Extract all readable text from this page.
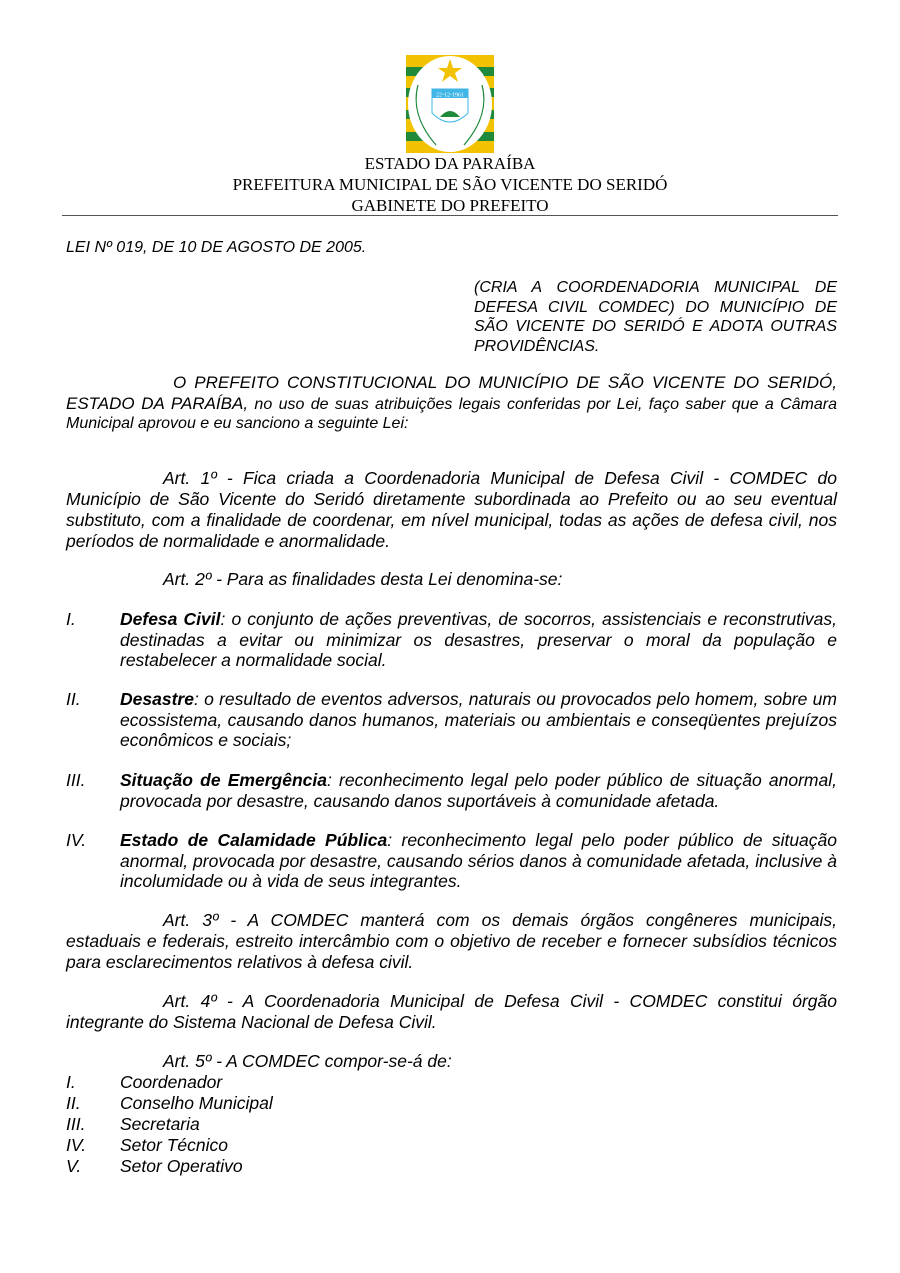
22-12-1961
ESTADO DA PARAÍBA
PREFEITURA MUNICIPAL DE SÃO VICENTE DO SERIDÓ
GABINETE DO PREFEITO
LEI Nº 019, DE 10 DE AGOSTO DE 2005.
(CRIA A COORDENADORIA MUNICIPAL DE DEFESA CIVIL COMDEC) DO MUNICÍPIO DE SÃO VICENTE DO SERIDÓ E ADOTA OUTRAS PROVIDÊNCIAS.
O PREFEITO CONSTITUCIONAL DO MUNICÍPIO DE SÃO VICENTE DO SERIDÓ, ESTADO DA PARAÍBA, no uso de suas atribuições legais conferidas por Lei, faço saber que a Câmara Municipal aprovou e eu sanciono a seguinte Lei:
Art. 1º - Fica criada a Coordenadoria Municipal de Defesa Civil - COMDEC do Município de São Vicente do Seridó diretamente subordinada ao Prefeito ou ao seu eventual substituto, com a finalidade de coordenar, em nível municipal, todas as ações de defesa civil, nos períodos de normalidade e anormalidade.
Art. 2º - Para as finalidades desta Lei denomina-se:
I.	Defesa Civil: o conjunto de ações preventivas, de socorros, assistenciais e reconstrutivas, destinadas a evitar ou minimizar os desastres, preservar o moral da população e restabelecer a normalidade social.
II. Desastre: o resultado de eventos adversos, naturais ou provocados pelo homem, sobre um ecossistema, causando danos humanos, materiais ou ambientais e conseqüentes prejuízos econômicos e sociais;
III. Situação de Emergência: reconhecimento legal pelo poder público de situação anormal, provocada por desastre, causando danos suportáveis à comunidade afetada.
IV. Estado de Calamidade Pública: reconhecimento legal pelo poder público de situação anormal, provocada por desastre, causando sérios danos à comunidade afetada, inclusive à incolumidade ou à vida de seus integrantes.
Art. 3º - A COMDEC manterá com os demais órgãos congêneres municipais, estaduais e federais, estreito intercâmbio com o objetivo de receber e fornecer subsídios técnicos para esclarecimentos relativos à defesa civil.
Art. 4º - A Coordenadoria Municipal de Defesa Civil - COMDEC constitui órgão integrante do Sistema Nacional de Defesa Civil.
Art. 5º - A COMDEC compor-se-á de:
I.	Coordenador
II. Conselho Municipal
III. Secretaria
IV. Setor Técnico
V. Setor Operativo
